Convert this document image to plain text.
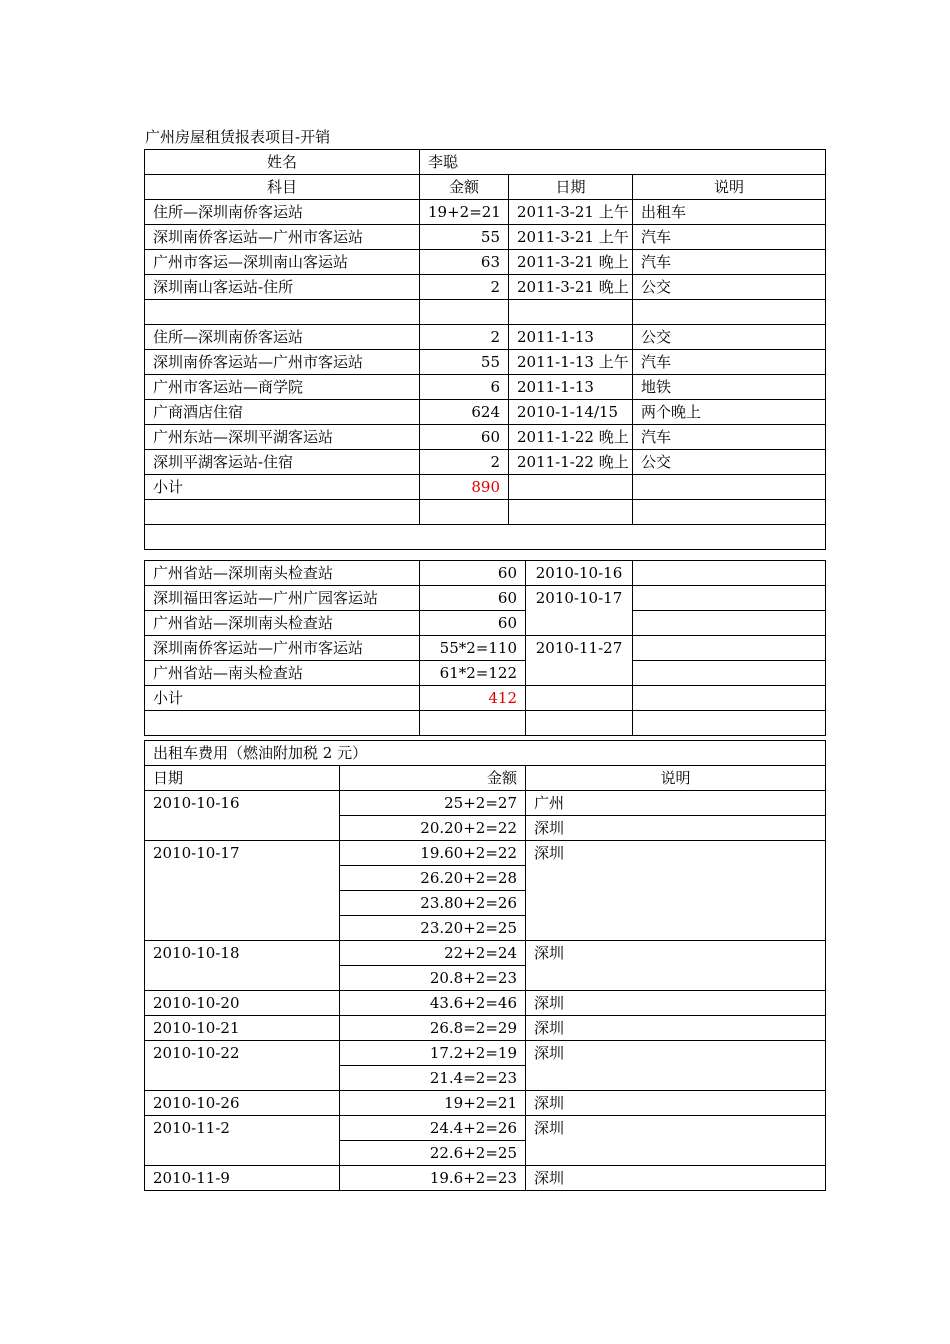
广州房屋租赁报表项目-开销
姓名	李聪		
科目	金额	日期	说明
住所—深圳南侨客运站	19+2=21	2011-3-21 上午	出租车
深圳南侨客运站—广州市客运站	55	2011-3-21 上午	汽车
广州市客运—深圳南山客运站	63	2011-3-21 晚上	汽车
深圳南山客运站-住所	2	2011-3-21 晚上	公交

住所—深圳南侨客运站	2	2011-1-13	公交
深圳南侨客运站—广州市客运站	55	2011-1-13 上午	汽车
广州市客运站—商学院	6	2011-1-13	地铁
广商酒店住宿	624	2010-1-14/15	两个晚上
广州东站—深圳平湖客运站	60	2011-1-22 晚上	汽车
深圳平湖客运站-住宿	2	2011-1-22 晚上	公交
小计	890		

广州省站—深圳南头检查站	60	2010-10-16	
深圳福田客运站—广州广园客运站	60	2010-10-17	
广州省站—深圳南头检查站	60		
深圳南侨客运站—广州市客运站	55*2=110	2010-11-27	
广州省站—南头检查站	61*2=122		
小计	412		

出租车费用（燃油附加税 2 元）		
日期	金额	说明
2010-10-16	25+2=27	广州
	20.20+2=22	深圳
2010-10-17	19.60+2=22	深圳
	26.20+2=28	
	23.80+2=26	
	23.20+2=25	
2010-10-18	22+2=24	深圳
	20.8+2=23	
2010-10-20	43.6+2=46	深圳
2010-10-21	26.8=2=29	深圳
2010-10-22	17.2+2=19	深圳
	21.4=2=23	
2010-10-26	19+2=21	深圳
2010-11-2	24.4+2=26	深圳
	22.6+2=25	
2010-11-9	19.6+2=23	深圳
